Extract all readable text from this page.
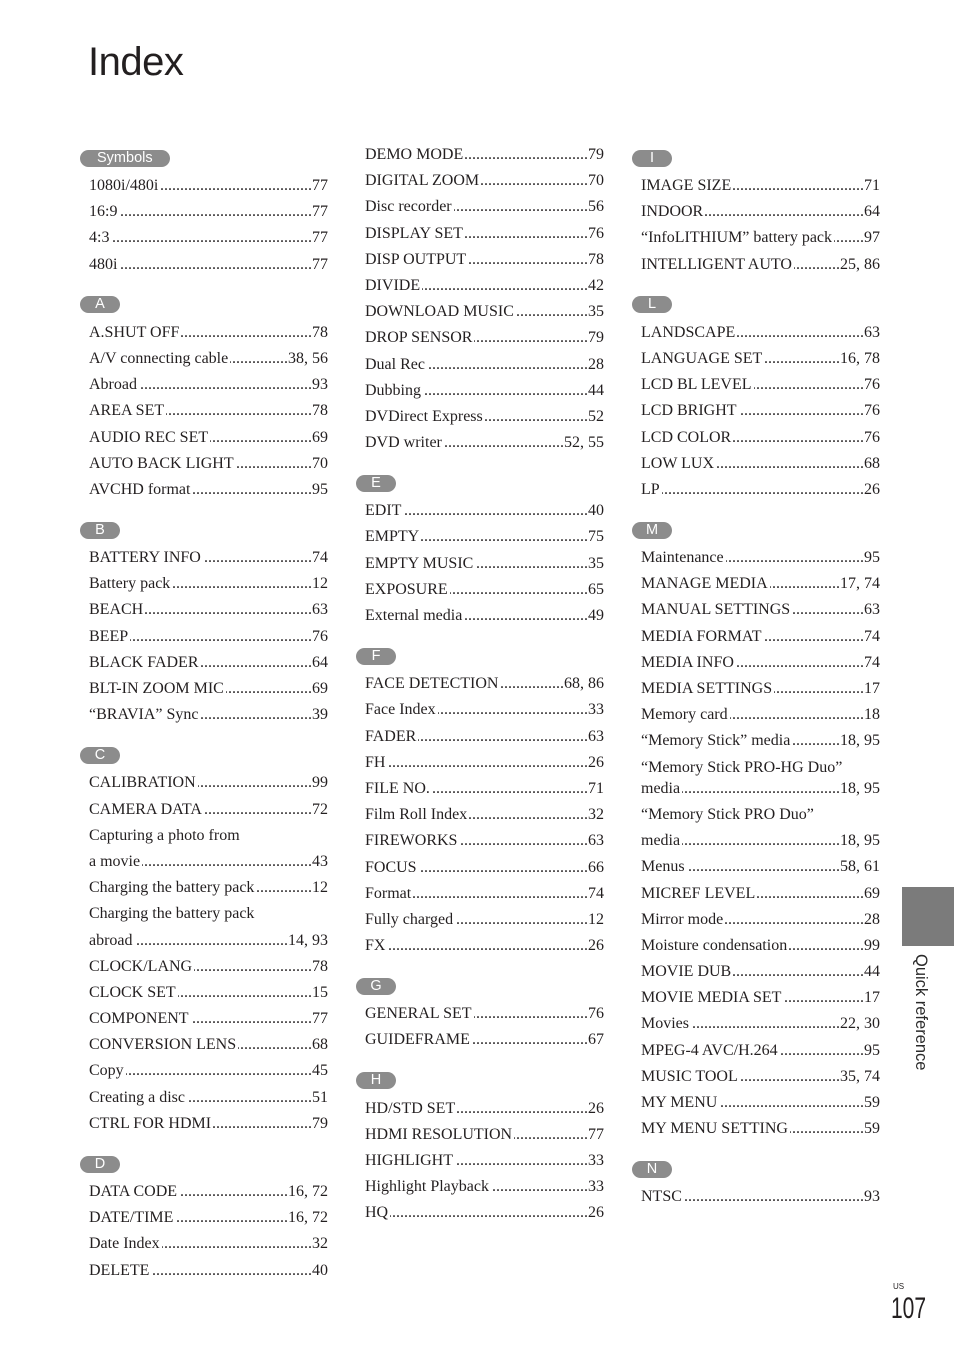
Index
Symbols
1080i/480i .....	77
16:9 .....	77
4:3 .....	77
480i .....	77
A
A.SHUT OFF .....	78
A/V connecting cable .....	38, 56
Abroad .....	93
AREA SET .....	78
AUDIO REC SET .....	69
AUTO BACK LIGHT .....	70
AVCHD format .....	95
B
BATTERY INFO .....	74
Battery pack .....	12
BEACH .....	63
BEEP .....	76
BLACK FADER .....	64
BLT-IN ZOOM MIC .....	69
“BRAVIA” Sync .....	39
C
CALIBRATION .....	99
CAMERA DATA .....	72
Capturing a photo from
a movie .....	43
Charging the battery pack .....	12
Charging the battery pack
abroad .....	14, 93
CLOCK/LANG .....	78
CLOCK SET .....	15
COMPONENT .....	77
CONVERSION LENS .....	68
Copy .....	45
Creating a disc .....	51
CTRL FOR HDMI .....	79
D
DATA CODE .....	16, 72
DATE/TIME .....	16, 72
Date Index .....	32
DELETE .....	40
DEMO MODE .....	79
DIGITAL ZOOM .....	70
Disc recorder .....	56
DISPLAY SET .....	76
DISP OUTPUT .....	78
DIVIDE .....	42
DOWNLOAD MUSIC .....	35
DROP SENSOR .....	79
Dual Rec .....	28
Dubbing .....	44
DVDirect Express .....	52
DVD writer .....	52, 55
E
EDIT .....	40
EMPTY .....	75
EMPTY MUSIC .....	35
EXPOSURE .....	65
External media .....	49
F
FACE DETECTION .....	68, 86
Face Index .....	33
FADER .....	63
FH .....	26
FILE NO. .....	71
Film Roll Index .....	32
FIREWORKS .....	63
FOCUS .....	66
Format .....	74
Fully charged .....	12
FX .....	26
G
GENERAL SET .....	76
GUIDEFRAME .....	67
H
HD/STD SET .....	26
HDMI RESOLUTION .....	77
HIGHLIGHT .....	33
Highlight Playback .....	33
HQ .....	26
I
IMAGE SIZE .....	71
INDOOR .....	64
“InfoLITHIUM” battery pack ..... 97
INTELLIGENT AUTO .....	25, 86
L
LANDSCAPE .....	63
LANGUAGE SET .....	16, 78
LCD BL LEVEL .....	76
LCD BRIGHT .....	76
LCD COLOR .....	76
LOW LUX .....	68
LP .....	26
M
Maintenance .....	95
MANAGE MEDIA .....	17, 74
MANUAL SETTINGS .....	63
MEDIA FORMAT .....	74
MEDIA INFO .....	74
MEDIA SETTINGS .....	17
Memory card .....	18
“Memory Stick” media .....	18, 95
“Memory Stick PRO-HG Duo”
media .....	18, 95
“Memory Stick PRO Duo”
media .....	18, 95
Menus .....	58, 61
MICREF LEVEL .....	69
Mirror mode .....	28
Moisture condensation .....	99
MOVIE DUB .....	44
MOVIE MEDIA SET .....	17
Movies .....	22, 30
MPEG-4 AVC/H.264 .....	95
MUSIC TOOL .....	35, 74
MY MENU .....	59
MY MENU SETTING .....	59
N
NTSC .....	93
Quick reference
US
107
